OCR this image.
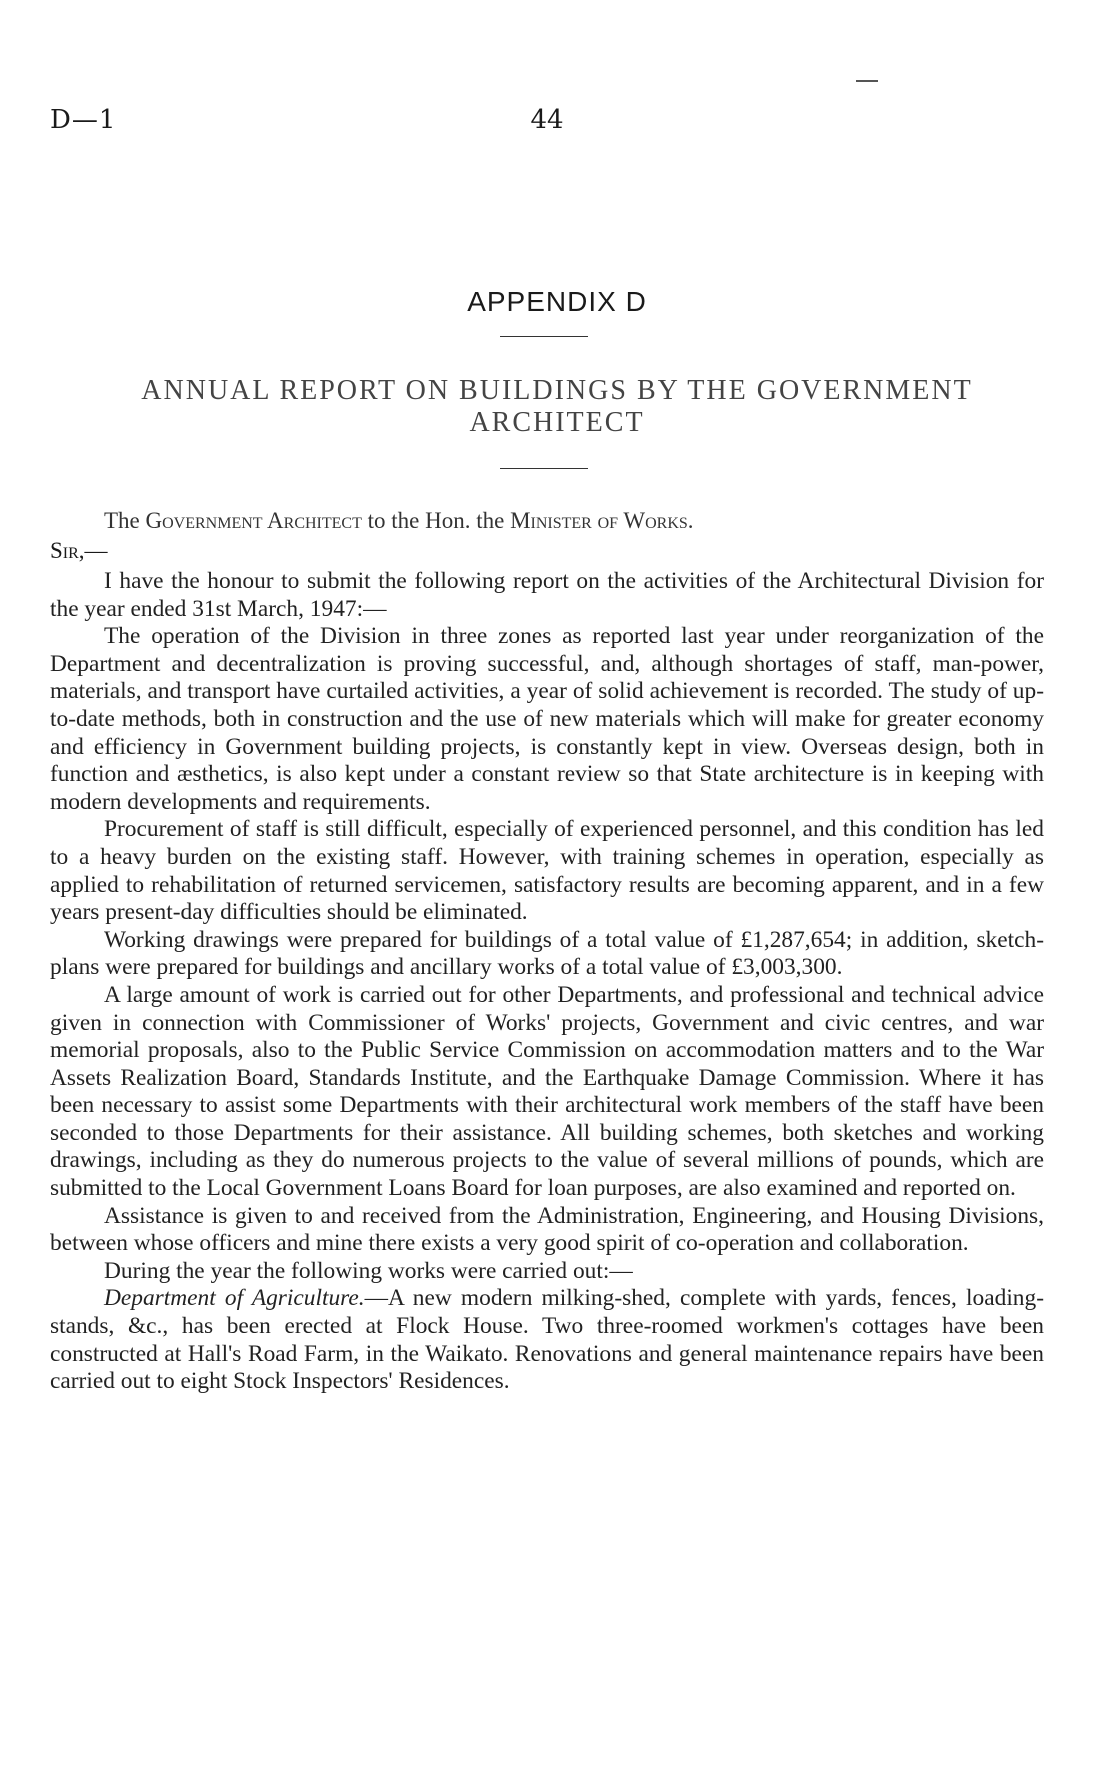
D—1	44
APPENDIX D
ANNUAL REPORT ON BUILDINGS BY THE GOVERNMENT
ARCHITECT
The Government Architect to the Hon. the Minister of Works.
Sir,—

I have the honour to submit the following report on the activities of the Architectural Division for the year ended 31st March, 1947:—

The operation of the Division in three zones as reported last year under reorganization of the Department and decentralization is proving successful, and, although shortages of staff, man-power, materials, and transport have curtailed activities, a year of solid achievement is recorded. The study of up-to-date methods, both in construction and the use of new materials which will make for greater economy and efficiency in Government building projects, is constantly kept in view. Overseas design, both in function and æsthetics, is also kept under a constant review so that State architecture is in keeping with modern developments and requirements.

Procurement of staff is still difficult, especially of experienced personnel, and this condition has led to a heavy burden on the existing staff. However, with training schemes in operation, especially as applied to rehabilitation of returned servicemen, satisfactory results are becoming apparent, and in a few years present-day difficulties should be eliminated.

Working drawings were prepared for buildings of a total value of £1,287,654; in addition, sketch-plans were prepared for buildings and ancillary works of a total value of £3,003,300.

A large amount of work is carried out for other Departments, and professional and technical advice given in connection with Commissioner of Works' projects, Government and civic centres, and war memorial proposals, also to the Public Service Commission on accommodation matters and to the War Assets Realization Board, Standards Institute, and the Earthquake Damage Commission. Where it has been necessary to assist some Departments with their architectural work members of the staff have been seconded to those Departments for their assistance. All building schemes, both sketches and working drawings, including as they do numerous projects to the value of several millions of pounds, which are submitted to the Local Government Loans Board for loan purposes, are also examined and reported on.

Assistance is given to and received from the Administration, Engineering, and Housing Divisions, between whose officers and mine there exists a very good spirit of co-operation and collaboration.

During the year the following works were carried out:—

Department of Agriculture.—A new modern milking-shed, complete with yards, fences, loading-stands, &c., has been erected at Flock House. Two three-roomed workmen's cottages have been constructed at Hall's Road Farm, in the Waikato. Renovations and general maintenance repairs have been carried out to eight Stock Inspectors' Residences.
